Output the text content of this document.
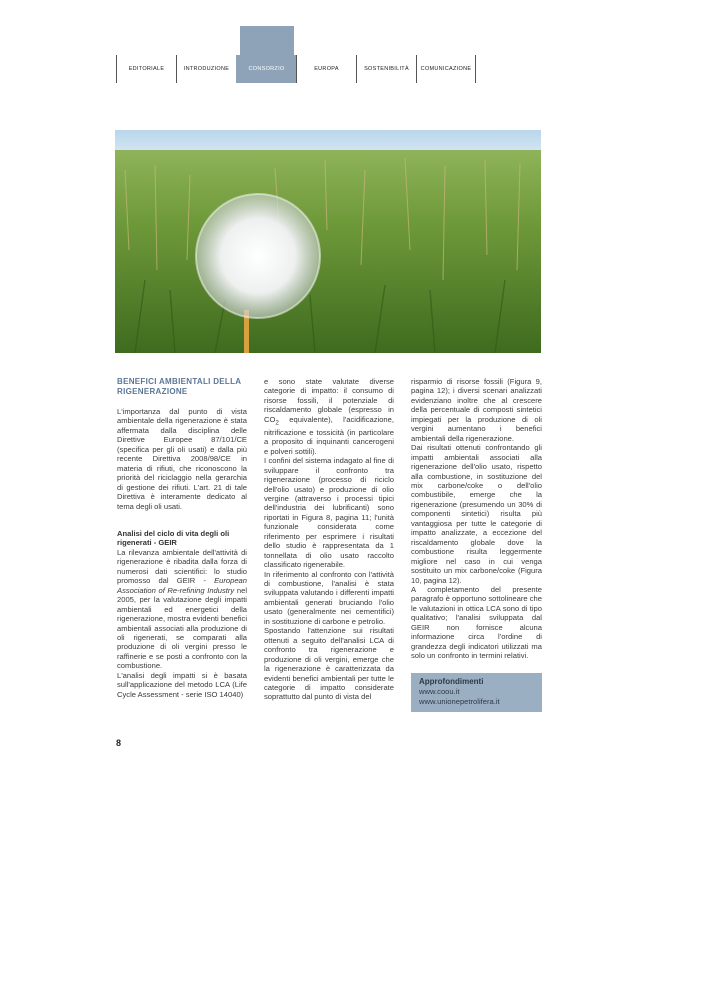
EDITORIALE	INTRODUZIONE	CONSORZIO	EUROPA	SOSTENIBILITÀ	COMUNICAZIONE
BENEFICI AMBIENTALI DELLA RIGENERAZIONE

L'importanza dal punto di vista ambientale della rigenerazione è stata affermata dalla disciplina delle Direttive Europee 87/101/CE (specifica per gli oli usati) e dalla più recente Direttiva 2008/98/CE in materia di rifiuti, che riconoscono la priorità del riciclaggio nella gerarchia di gestione dei rifiuti. L'art. 21 di tale Direttiva è interamente dedicato al tema degli oli usati.

Analisi del ciclo di vita degli oli rigenerati - GEIR

La rilevanza ambientale dell'attività di rigenerazione è ribadita dalla forza di numerosi dati scientifici: lo studio promosso dal GEIR - European Association of Re-refining Industry nel 2005, per la valutazione degli impatti ambientali ed energetici della rigenerazione, mostra evidenti benefici ambientali associati alla produzione di oli rigenerati, se comparati alla produzione di oli vergini presso le raffinerie e se posti a confronto con la combustione.

L'analisi degli impatti si è basata sull'applicazione del metodo LCA (Life Cycle Assessment - serie ISO 14040)

e sono state valutate diverse categorie di impatto: il consumo di risorse fossili, il potenziale di riscaldamento globale (espresso in $CO_2$ equivalente), l'acidificazione, nitrificazione e tossicità (in particolare a proposito di inquinanti cancerogeni e polveri sottili).

I confini del sistema indagato al fine di sviluppare il confronto tra rigenerazione (processo di riciclo dell'olio usato) e produzione di olio vergine (attraverso i processi tipici dell'industria dei lubrificanti) sono riportati in Figura 8, pagina 11; l'unità funzionale considerata come riferimento per esprimere i risultati dello studio è rappresentata da 1 tonnellata di olio usato raccolto classificato rigenerabile.

In riferimento al confronto con l'attività di combustione, l'analisi è stata sviluppata valutando i differenti impatti ambientali generati bruciando l'olio usato (generalmente nei cementifici) in sostituzione di carbone e petrolio.

Spostando l'attenzione sui risultati ottenuti a seguito dell'analisi LCA di confronto tra rigenerazione e produzione di oli vergini, emerge che la rigenerazione è caratterizzata da evidenti benefici ambientali per tutte le categorie di impatto considerate soprattutto dal punto di vista del

risparmio di risorse fossili (Figura 9, pagina 12); i diversi scenari analizzati evidenziano inoltre che al crescere della percentuale di composti sintetici impiegati per la produzione di oli vergini aumentano i benefici ambientali della rigenerazione.

Dai risultati ottenuti confrontando gli impatti ambientali associati alla rigenerazione dell'olio usato, rispetto alla combustione, in sostituzione del mix carbone/coke o dell'olio combustibile, emerge che la rigenerazione (presumendo un 30% di componenti sintetici) risulta più vantaggiosa per tutte le categorie di impatto analizzate, a eccezione del riscaldamento globale dove la combustione risulta leggermente migliore nel caso in cui venga sostituito un mix carbone/coke (Figura 10, pagina 12).

A completamento del presente paragrafo è opportuno sottolineare che le valutazioni in ottica LCA sono di tipo qualitativo; l'analisi sviluppata dal GEIR non fornisce alcuna informazione circa l'ordine di grandezza degli indicatori utilizzati ma solo un confronto in termini relativi.

Approfondimenti
www.coou.it
www.unionepetrolifera.it
8
